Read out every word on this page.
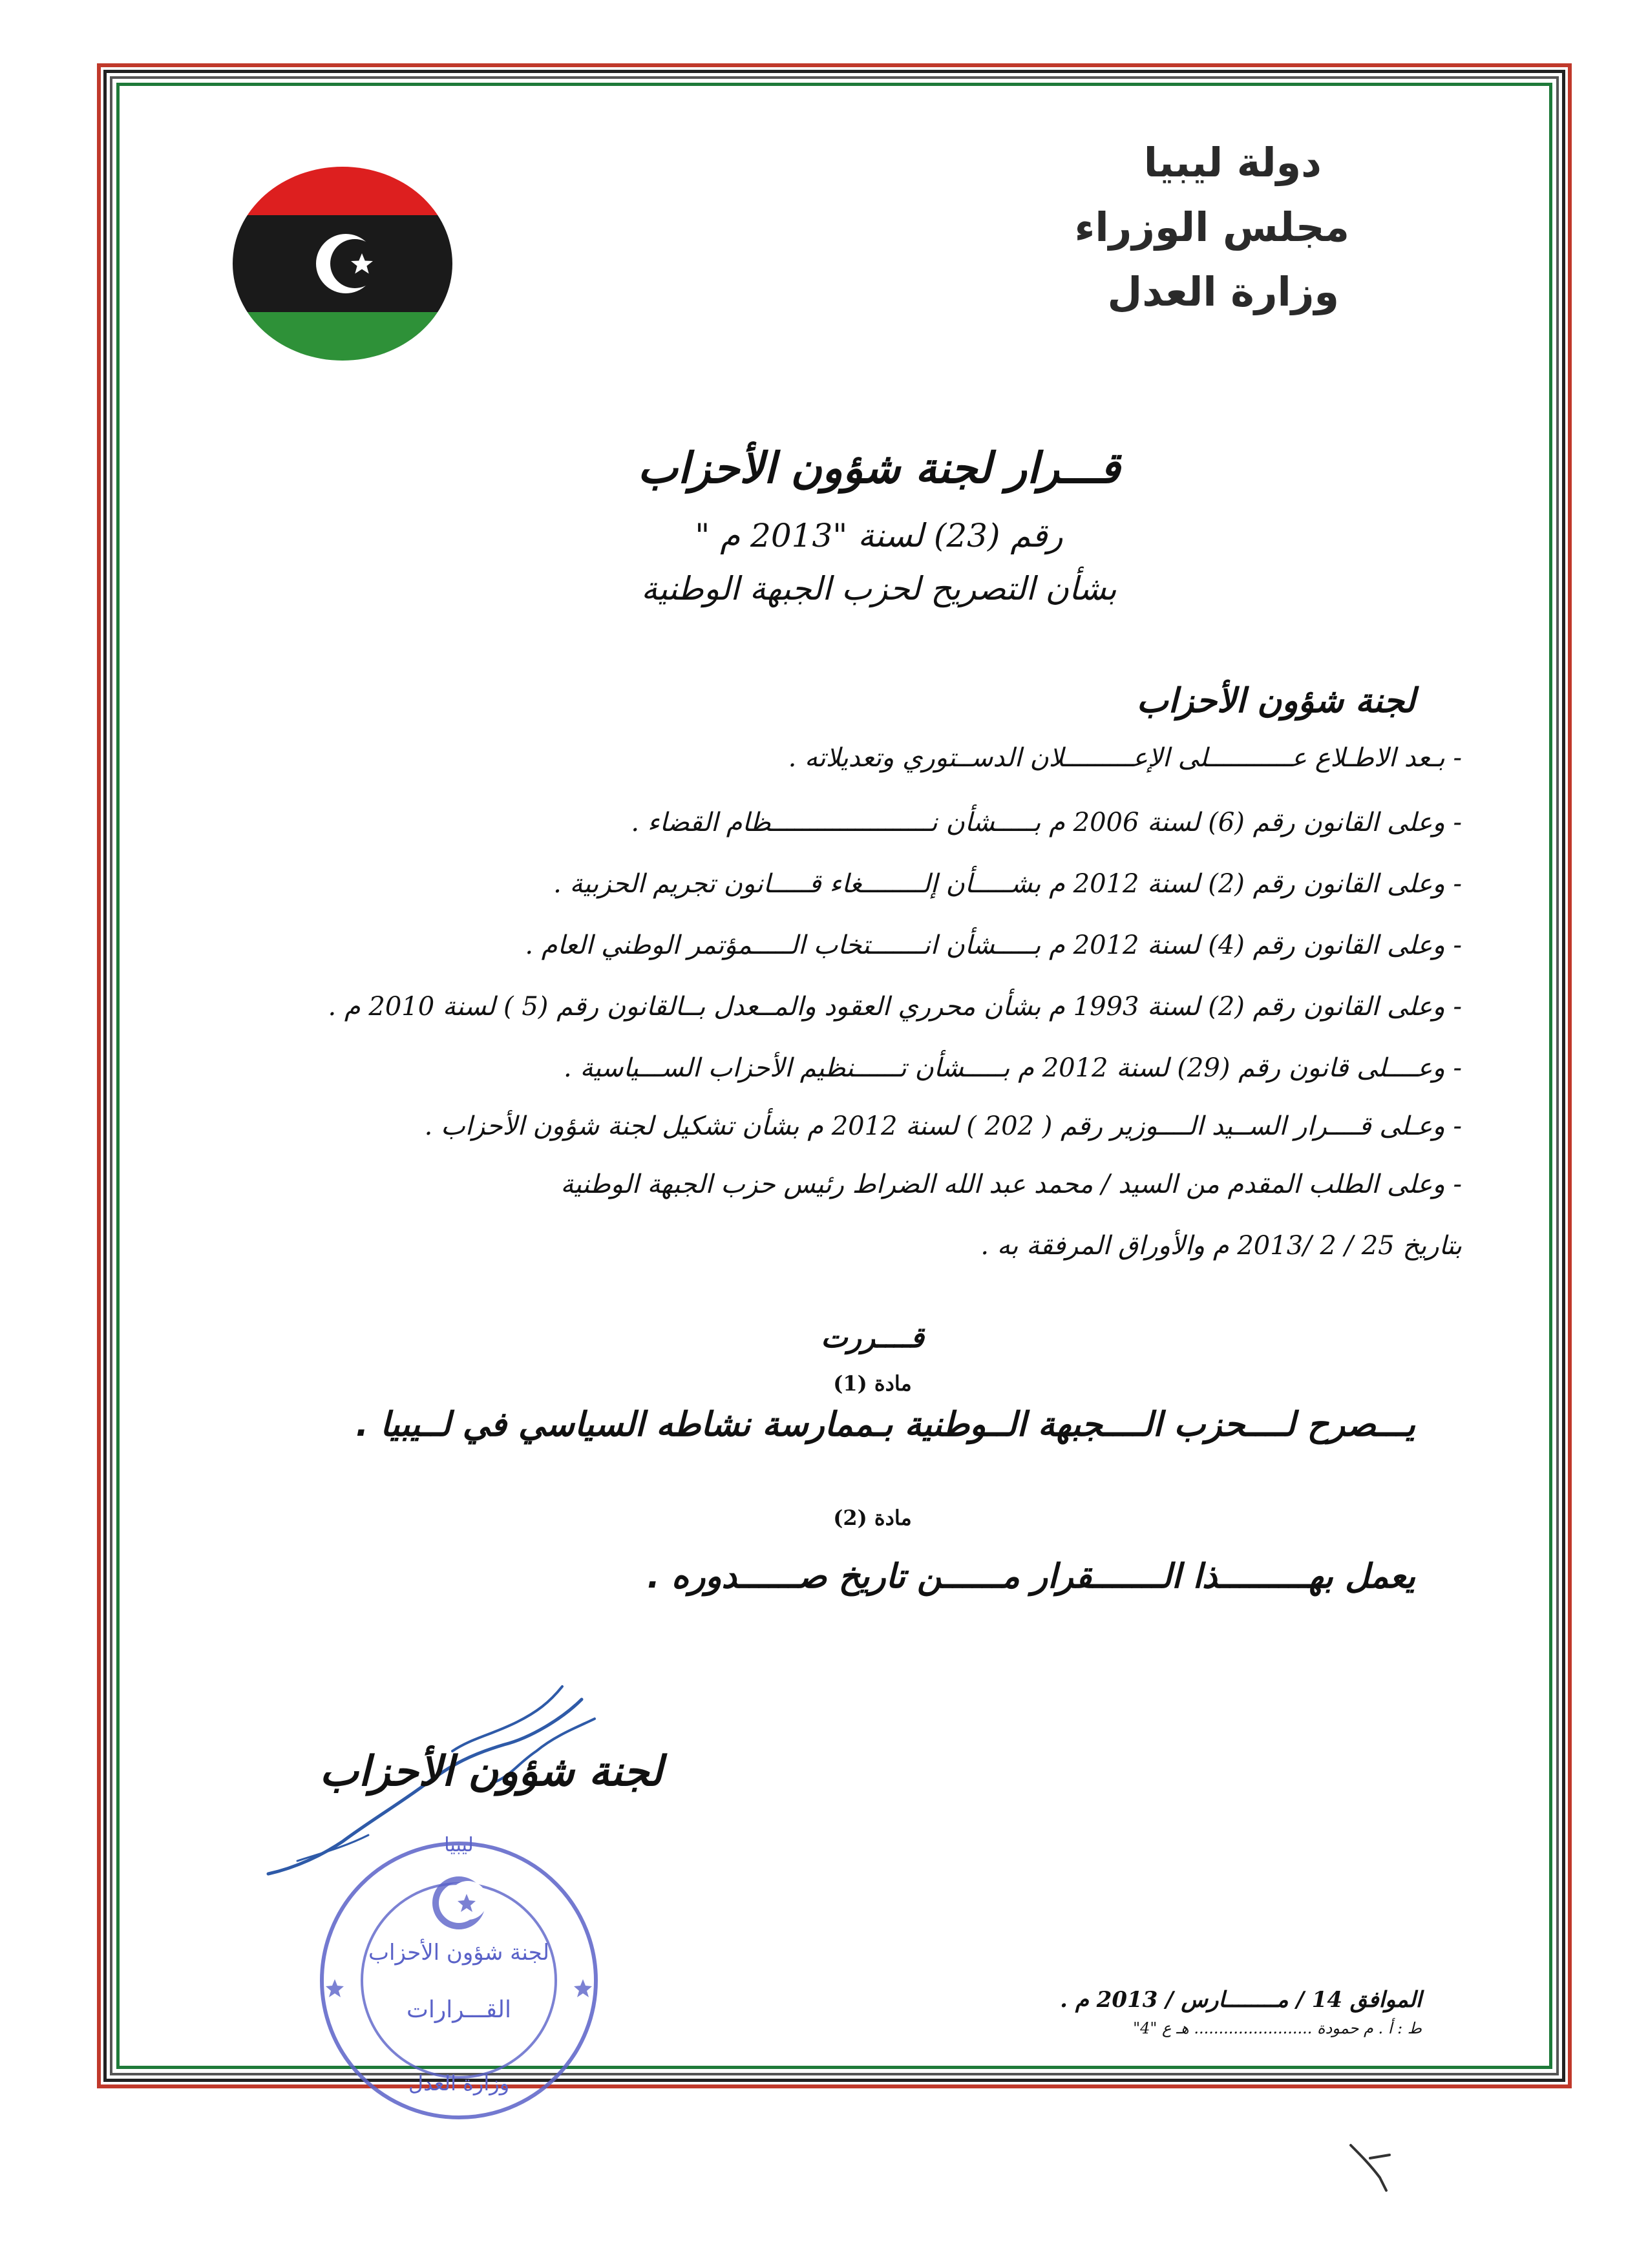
دولة ليبيا
مجلس الوزراء
وزارة العدل
قـــرار لجنة شؤون الأحزاب
رقم (23) لسنة "2013 م "
بشأن التصريح لحزب الجبهة الوطنية
لجنة شؤون الأحزاب
- بـعد الاطـلاع عـــــــــــلى الإعـــــــــلان الدســتوري وتعديلاته .
- وعلى القانون رقم (6) لسنة 2006 م بـــــشأن نـــــــــــــــــــــظام القضاء .
- وعلى القانون رقم (2) لسنة 2012 م بشـــــأن إلــــــــغاء قـــــانون تجريم الحزبية .
- وعلى القانون رقم (4) لسنة 2012 م بـــــشأن انـــــــتخاب الـــــمؤتمر الوطني العام .
- وعلى القانون رقم (2) لسنة 1993 م بشأن محرري العقود والمــعدل بــالقانون رقم (5 ) لسنة 2010 م .
- وعــــلى قانون رقم (29) لسنة 2012 م بـــــشأن تــــــنظيم الأحزاب الســـياسية .
- وعـلى قــــرار الســيد الــــوزير رقم ( 202 ) لسنة 2012 م بشأن تشكيل لجنة شؤون الأحزاب .
- وعلى الطلب المقدم من السيد / محمد عبد الله الضراط رئيس حزب الجبهة الوطنية
بتاريخ 25 / 2 /2013 م والأوراق المرفقة به .
قــــررت
مادة (1)
يـــصرح لــــحزب الــــجبهة الــوطنية بـممارسة نشاطه السياسي في لــيبيا .
مادة (2)
يعمل بهـــــــــذا الـــــــقرار مــــــن تاريخ صــــــدوره .
لجنة شؤون الأحزاب
ليبيا
لجنة شؤون الأحزاب
القـــرارات
وزارة العدل
الموافق 14 / مــــــــارس / 2013 م .
ط : أ . م حمودة ........................ هـ ع "4"
